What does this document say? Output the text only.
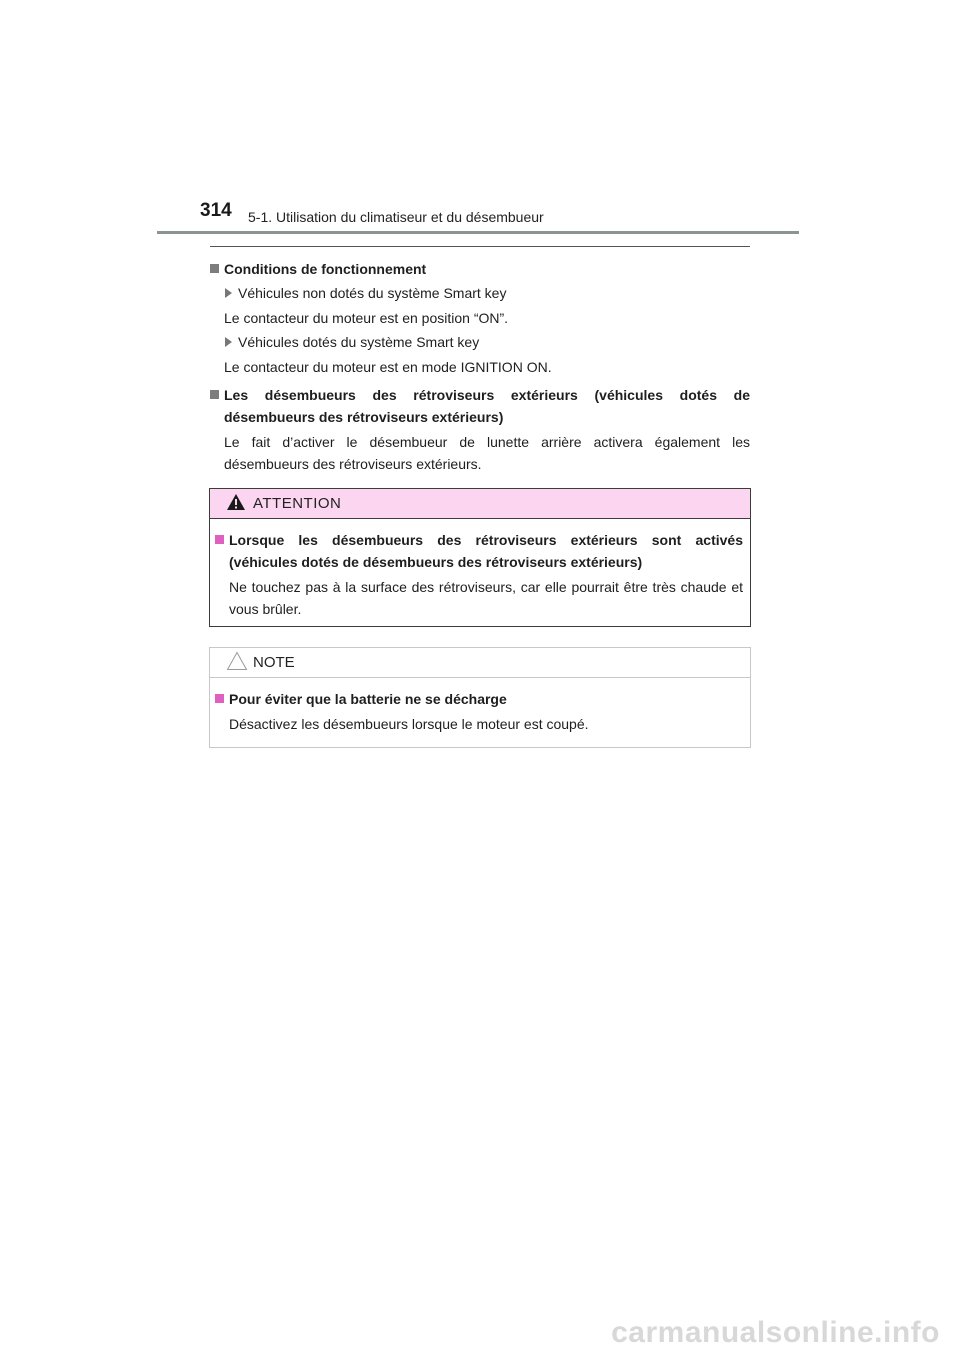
314 5-1. Utilisation du climatiseur et du désembueur
Conditions de fonctionnement
Véhicules non dotés du système Smart key
Le contacteur du moteur est en position “ON”.
Véhicules dotés du système Smart key
Le contacteur du moteur est en mode IGNITION ON.
Les désembueurs des rétroviseurs extérieurs (véhicules dotés de désembueurs des rétroviseurs extérieurs)
Le fait d’activer le désembueur de lunette arrière activera également les désembueurs des rétroviseurs extérieurs.
ATTENTION
Lorsque les désembueurs des rétroviseurs extérieurs sont activés (véhicules dotés de désembueurs des rétroviseurs extérieurs)
Ne touchez pas à la surface des rétroviseurs, car elle pourrait être très chaude et vous brûler.
NOTE
Pour éviter que la batterie ne se décharge
Désactivez les désembueurs lorsque le moteur est coupé.
carmanualsonline.info
